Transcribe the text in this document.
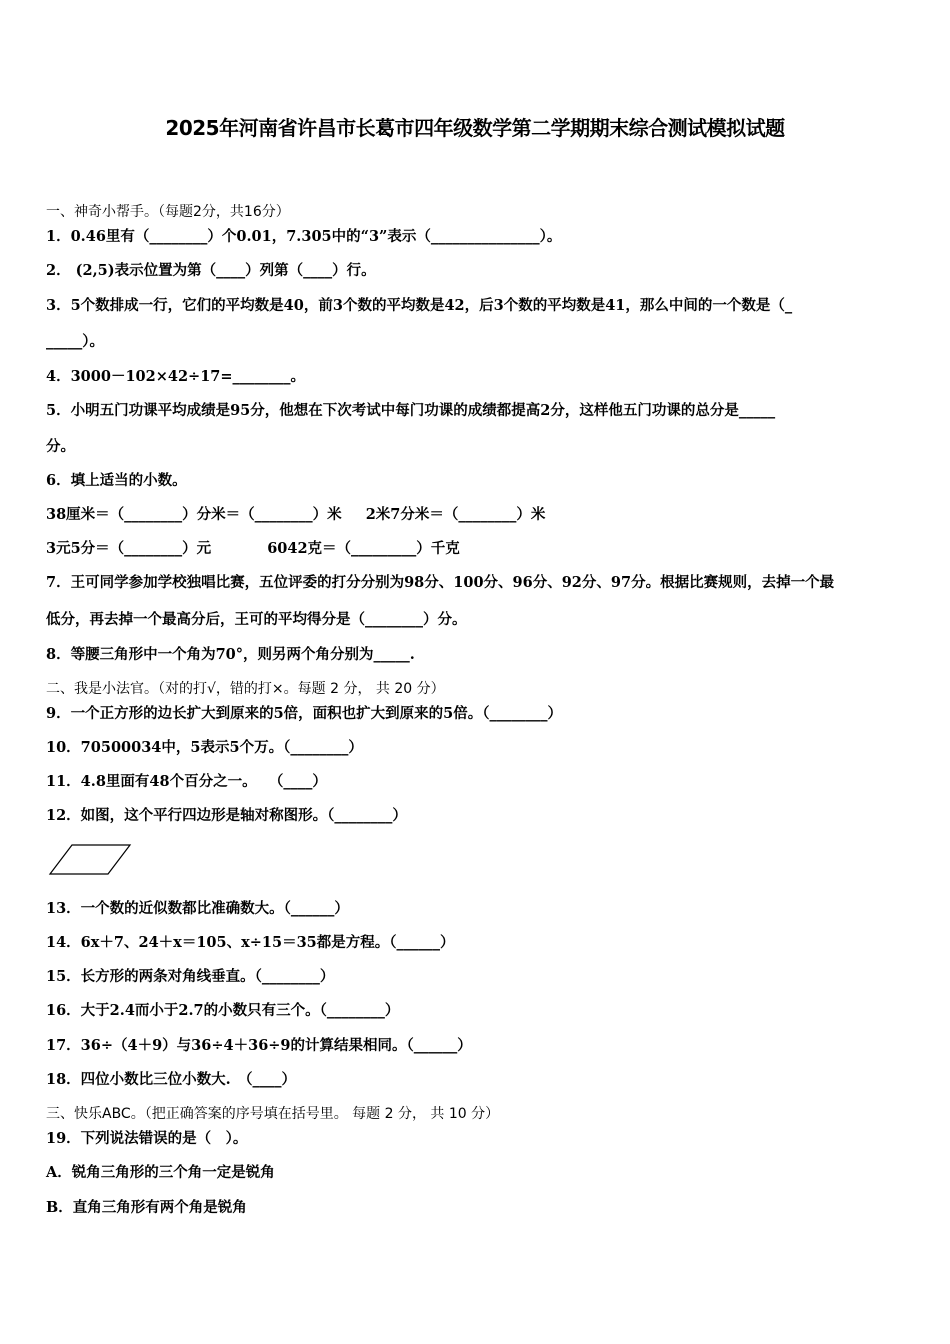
2025年河南省许昌市长葛市四年级数学第二学期期末综合测试模拟试题
一、神奇小帮手。（每题2分，共16分）
1．0.46里有（________）个0.01，7.305中的“3”表示（_______________）。
2． (2,5)表示位置为第（____）列第（____）行。
3．5个数排成一行，它们的平均数是40，前3个数的平均数是42，后3个数的平均数是41，那么中间的一个数是（_
_____）。
4．3000－102×42÷17=________。
5．小明五门功课平均成绩是95分，他想在下次考试中每门功课的成绩都提高2分，这样他五门功课的总分是_____
分。
6．填上适当的小数。
38厘米＝（________）分米＝（________）米 2米7分米＝（________）米
3元5分＝（________）元	6042克＝（_________）千克
7．王可同学参加学校独唱比赛，五位评委的打分分别为98分、100分、96分、92分、97分。根据比赛规则，去掉一个最
低分，再去掉一个最高分后，王可的平均得分是（________）分。
8．等腰三角形中一个角为70°，则另两个角分别为_____.
二、我是小法官。（对的打√，错的打×。每题 2 分， 共 20 分）
9．一个正方形的边长扩大到原来的5倍，面积也扩大到原来的5倍。（________）
10．70500034中，5表示5个万。（________）
11．4.8里面有48个百分之一。　 （____）
12．如图，这个平行四边形是轴对称图形。（________）
13．一个数的近似数都比准确数大。（______）
14．6x＋7、24＋x＝105、x÷15＝35都是方程。（______）
15．长方形的两条对角线垂直。（________）
16．大于2.4而小于2.7的小数只有三个。（________）
17．36÷（4＋9）与36÷4＋36÷9的计算结果相同。（______）
18．四位小数比三位小数大.　（____）
三、快乐ABC。（把正确答案的序号填在括号里。 每题 2 分， 共 10 分）
19．下列说法错误的是（　）。
A．锐角三角形的三个角一定是锐角
B．直角三角形有两个角是锐角
